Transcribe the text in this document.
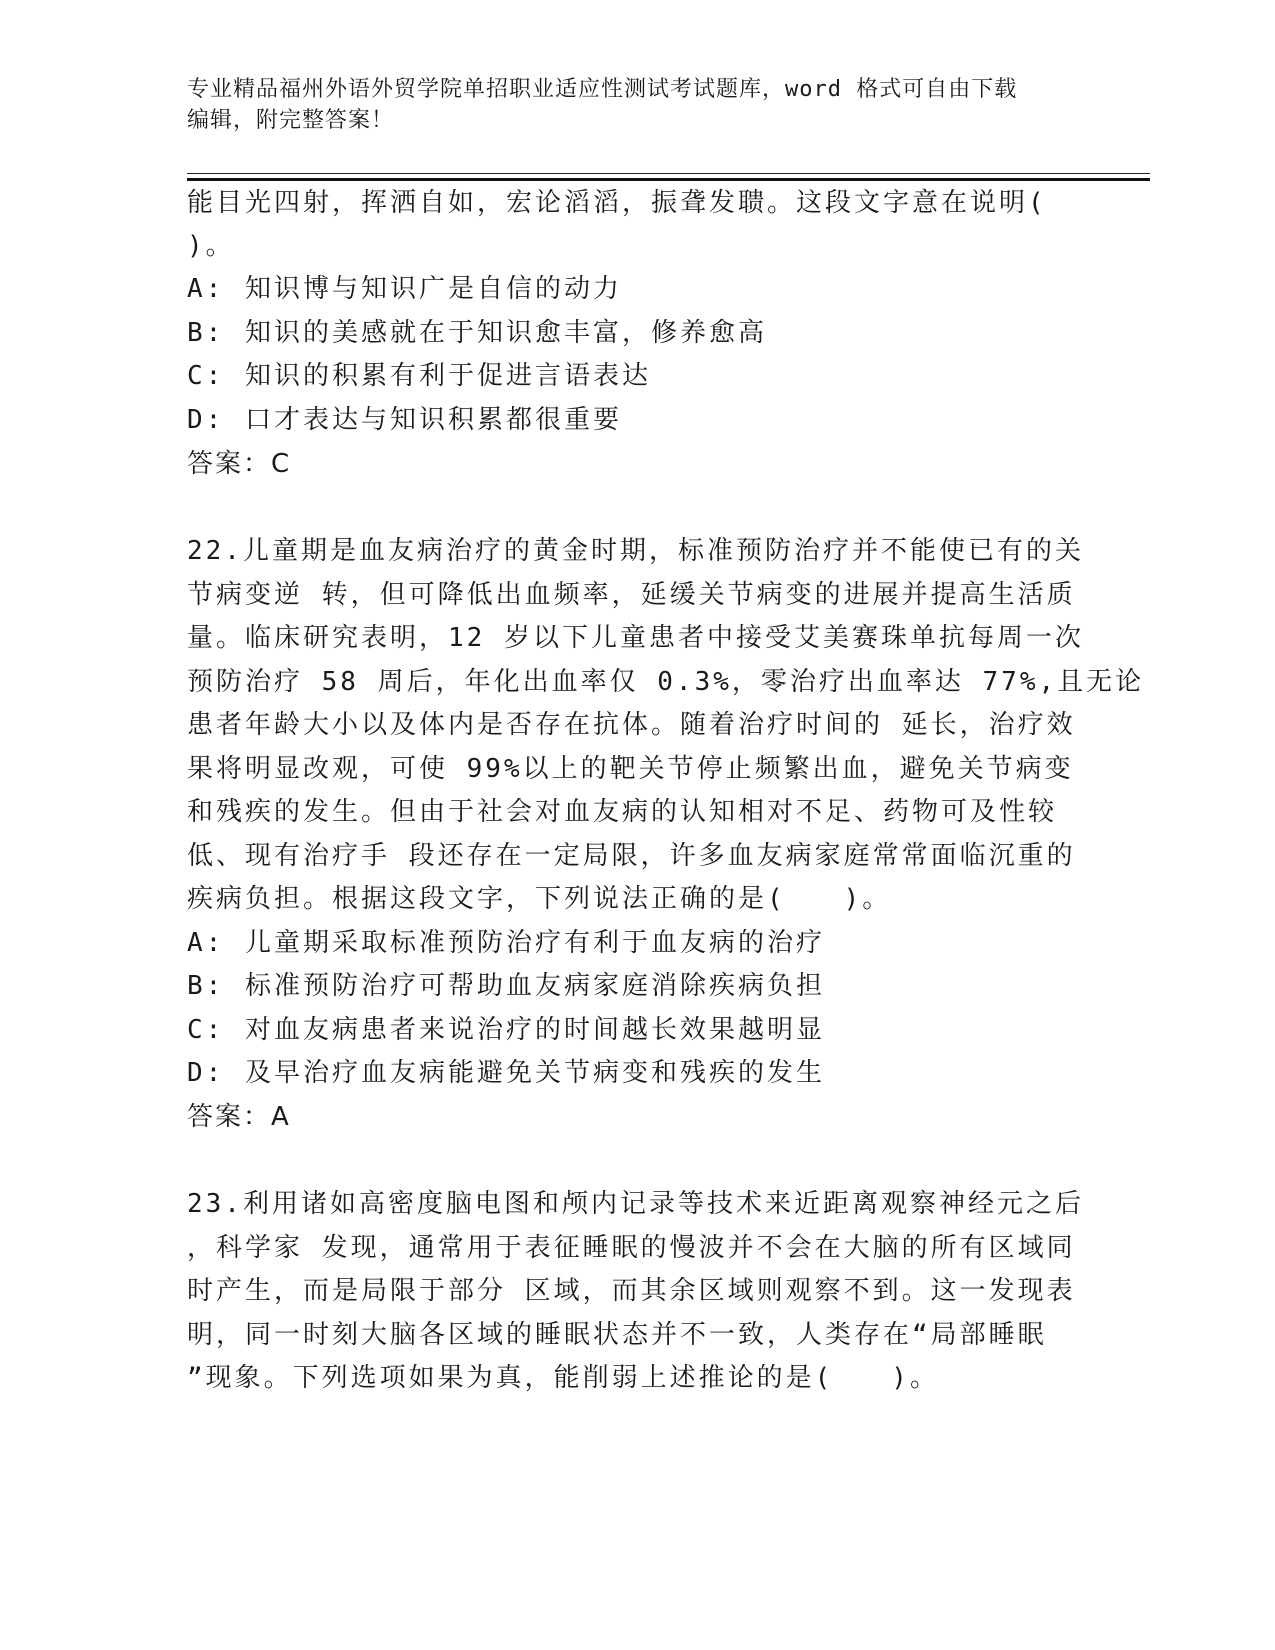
专业精品福州外语外贸学院单招职业适应性测试考试题库，word 格式可自由下载
编辑，附完整答案！
能目光四射，挥洒自如，宏论滔滔，振聋发聩。这段文字意在说明(
)。
A: 知识博与知识广是自信的动力
B: 知识的美感就在于知识愈丰富，修养愈高
C: 知识的积累有利于促进言语表达
D: 口才表达与知识积累都很重要
答案：C
22.儿童期是血友病治疗的黄金时期，标准预防治疗并不能使已有的关
节病变逆 转，但可降低出血频率，延缓关节病变的进展并提高生活质
量。临床研究表明，12 岁以下儿童患者中接受艾美赛珠单抗每周一次
预防治疗 58 周后，年化出血率仅 0.3%，零治疗出血率达 77%,且无论
患者年龄大小以及体内是否存在抗体。随着治疗时间的 延长，治疗效
果将明显改观，可使 99%以上的靶关节停止频繁出血，避免关节病变
和残疾的发生。但由于社会对血友病的认知相对不足、药物可及性较
低、现有治疗手 段还存在一定局限，许多血友病家庭常常面临沉重的
疾病负担。根据这段文字，下列说法正确的是(　　)。
A: 儿童期采取标准预防治疗有利于血友病的治疗
B: 标准预防治疗可帮助血友病家庭消除疾病负担
C: 对血友病患者来说治疗的时间越长效果越明显
D: 及早治疗血友病能避免关节病变和残疾的发生
答案：A
23.利用诸如高密度脑电图和颅内记录等技术来近距离观察神经元之后
，科学家 发现，通常用于表征睡眠的慢波并不会在大脑的所有区域同
时产生，而是局限于部分 区域，而其余区域则观察不到。这一发现表
明，同一时刻大脑各区域的睡眠状态并不一致，人类存在“局部睡眠
”现象。下列选项如果为真，能削弱上述推论的是(　　)。
